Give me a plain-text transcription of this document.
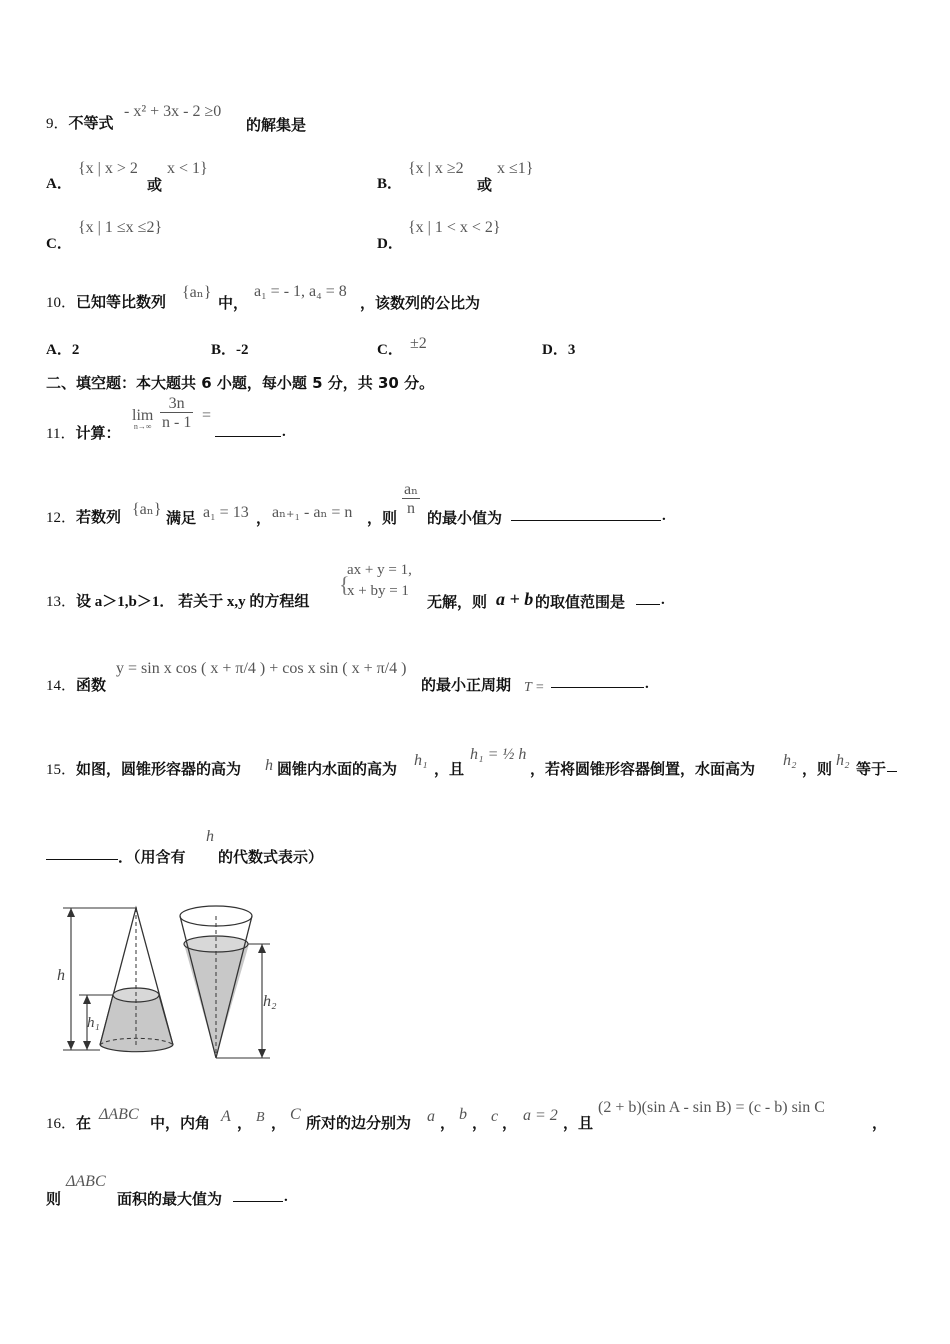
9．不等式
- x² + 3x - 2 ≥0
的解集是
A．
{x | x > 2
或
x < 1}
B．
{x | x ≥2
或
x ≤1}
C．
{x | 1 ≤x ≤2}
D．
{x | 1 < x < 2}
10．已知等比数列
{aₙ}
中，
a₁ = - 1, a₄ = 8
，该数列的公比为
A．2	B．-2	C． ±2	D．3
二、填空题：本大题共 6 小题，每小题 5 分，共 30 分。
11．计算：
lim
$n\to\infty \frac{3n}{n - 1}$ =
.
12．若数列 {aₙ} 满足 a₁ = 13 ， aₙ₊₁ - aₙ = n ，则
$\frac{\text{aₙ}}{n}$
的最小值为	.
13．设 a＞1,b＞1． 若关于 x,y 的方程组
{
ax + y = 1,
x + by = 1
无解，则 a + b 的取值范围是 .
14．函数
y = sin x cos ( x + π/4 ) + cos x sin ( x + π/4 )
的最小正周期 T =	.
15．如图，圆锥形容器的高为 h 圆锥内水面的高为 h₁ ，且
h₁ = ½ h
，若将圆锥形容器倒置，水面高为 h₂ ，则 h₂ 等于
．（用含有
h
的代数式表示）
h
h₁
h₂
16．在 ΔABC 中，内角 A ， B ， C 所对的边分别为 a ， b ， c ， a = 2 ，且
(2 + b)(sin A - sin B) = (c - b) sin C
，
则
ΔABC
面积的最大值为	.
